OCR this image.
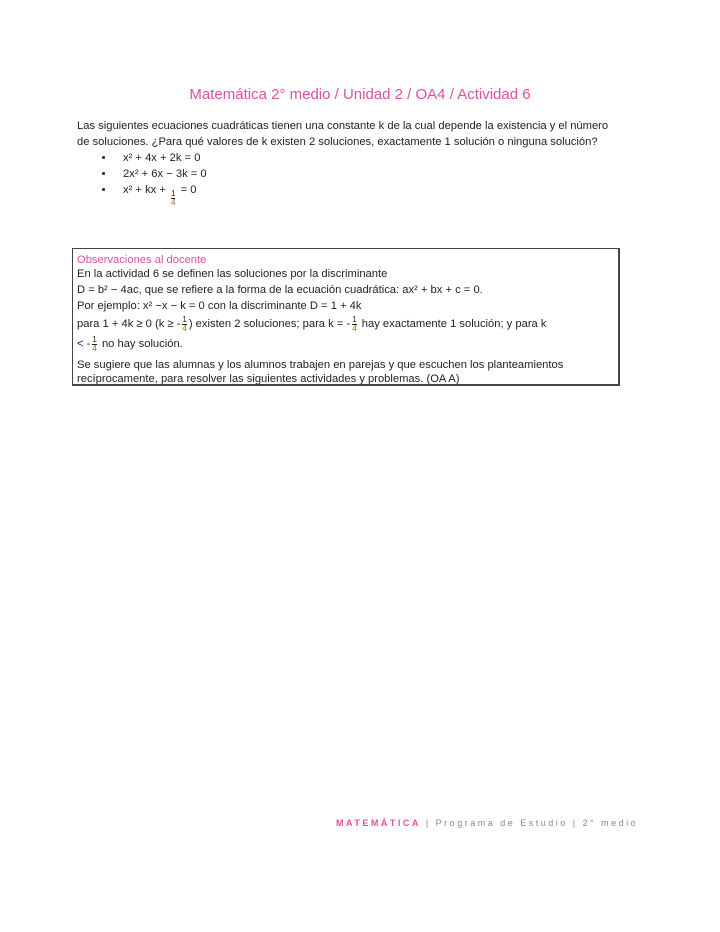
Matemática 2° medio / Unidad 2 / OA4 / Actividad 6
Las siguientes ecuaciones cuadráticas tienen una constante k de la cual depende la existencia y el número de soluciones. ¿Para qué valores de k existen 2 soluciones, exactamente 1 solución o ninguna solución?
• x² + 4x + 2k = 0
• 2x² + 6x − 3k = 0
• x² + kx + $\frac{1}{4} = 0$

Observaciones al docente

En la actividad 6 se definen las soluciones por la discriminante

D = b² − 4ac, que se refiere a la forma de la ecuación cuadrática: ax² + bx + c = 0.

Por ejemplo: x² −x − k = 0 con la discriminante D = 1 + 4k

para 1 + 4k ≥ 0 (k ≥ - $\frac{1}{4}$ ) existen 2 soluciones; para k = - $\frac{1}{4}$ hay exactamente 1 solución; y para k

< - $\frac{1}{4}$ no hay solución.

Se sugiere que las alumnas y los alumnos trabajen en parejas y que escuchen los planteamientos recíprocamente, para resolver las siguientes actividades y problemas. (OA A)

MATEMÁTICA | Programa de Estudio | 2° medio
